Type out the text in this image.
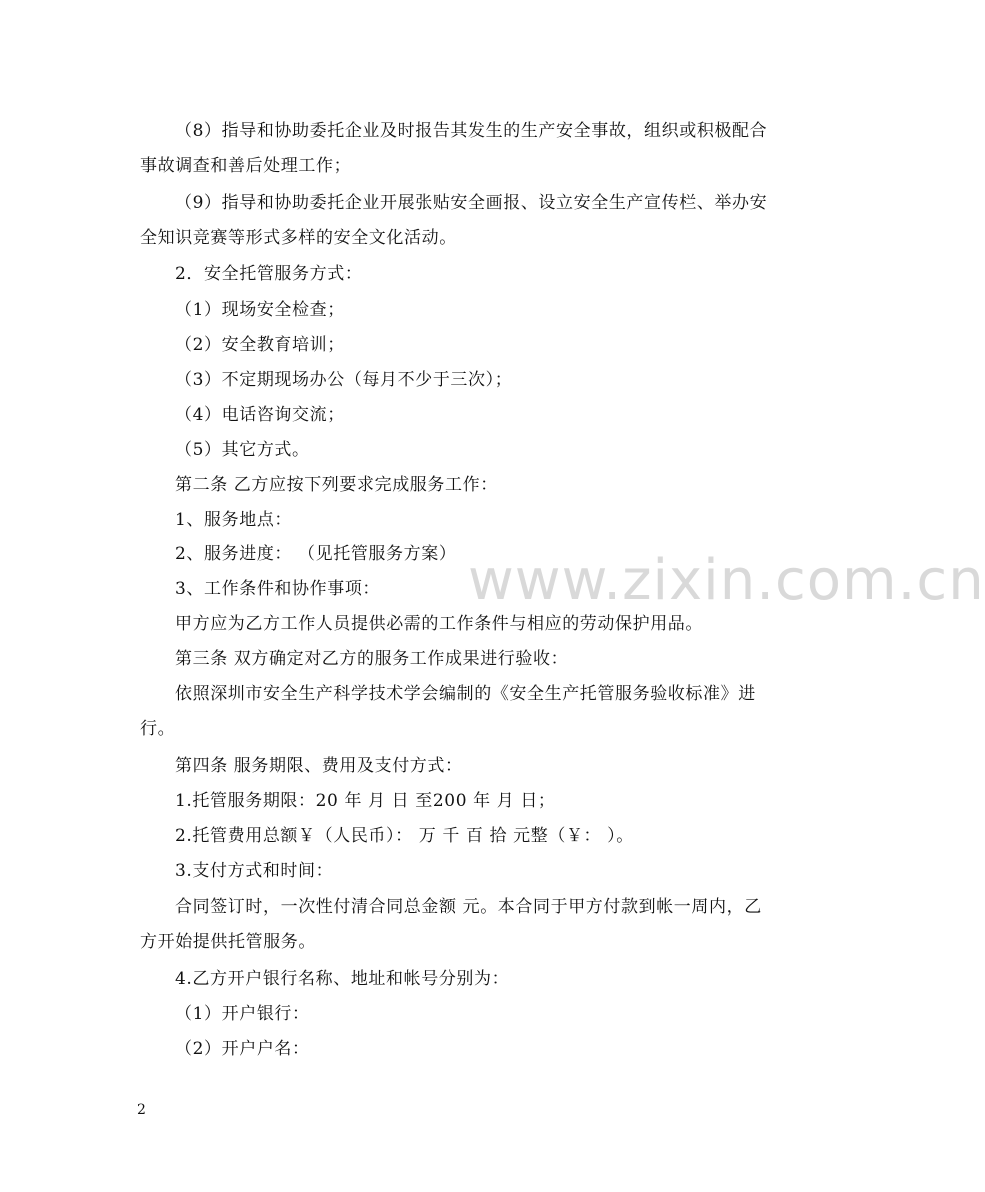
www.zixin.com.cn
（8）指导和协助委托企业及时报告其发生的生产安全事故，组织或积极配合
事故调查和善后处理工作；
（9）指导和协助委托企业开展张贴安全画报、设立安全生产宣传栏、举办安
全知识竞赛等形式多样的安全文化活动。
2．安全托管服务方式：
（1）现场安全检查；
（2）安全教育培训；
（3）不定期现场办公（每月不少于三次）；
（4）电话咨询交流；
（5）其它方式。
第二条 乙方应按下列要求完成服务工作：
1、服务地点：
2、服务进度： （见托管服务方案）
3、工作条件和协作事项：
甲方应为乙方工作人员提供必需的工作条件与相应的劳动保护用品。
第三条 双方确定对乙方的服务工作成果进行验收：
依照深圳市安全生产科学技术学会编制的《安全生产托管服务验收标准》进
行。
第四条 服务期限、费用及支付方式：
1.托管服务期限：20 年 月 日 至200 年 月 日；
2.托管费用总额￥（人民币）： 万 千 百 拾 元整（￥： ）。
3.支付方式和时间：
合同签订时，一次性付清合同总金额 元。本合同于甲方付款到帐一周内，乙
方开始提供托管服务。
4.乙方开户银行名称、地址和帐号分别为：
（1）开户银行：
（2）开户户名：
2
